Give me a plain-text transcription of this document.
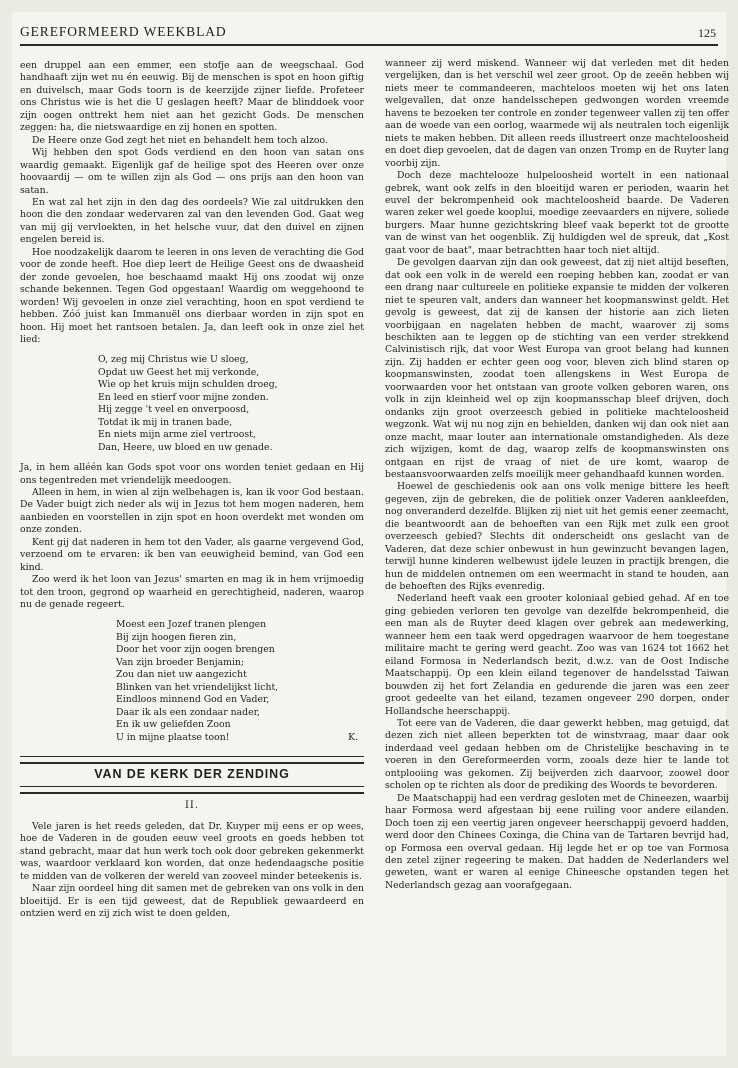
GEREFORMEERD WEEKBLAD	125

een druppel aan een emmer, een stofje aan de weegschaal. God handhaaft zijn wet nu én eeuwig. Bij de menschen is spot en hoon giftig en duivelsch, maar Gods toorn is de keerzijde zijner liefde. Profeteer ons Christus wie is het die U geslagen heeft? Maar de blinddoek voor zijn oogen onttrekt hem niet aan het gezicht Gods. De menschen zeggen: ha, die nietswaardige en zij honen en spotten.

De Heere onze God zegt het niet en behandelt hem toch alzoo.

Wij hebben den spot Gods verdiend en den hoon van satan ons waardig gemaakt. Eigenlijk gaf de heilige spot des Heeren over onze hoovaardij — om te willen zijn als God — ons prijs aan den hoon van satan.

En wat zal het zijn in den dag des oordeels? Wie zal uitdrukken den hoon die den zondaar wedervaren zal van den levenden God. Gaat weg van mij gij vervloekten, in het helsche vuur, dat den duivel en zijnen engelen bereid is.

Hoe noodzakelijk daarom te leeren in ons leven de verachting die God voor de zonde heeft. Hoe diep leert de Heilige Geest ons de dwaasheid der zonde gevoelen, hoe beschaamd maakt Hij ons zoodat wij onze schande bekennen. Tegen God opgestaan! Waardig om weggehoond te worden! Wij gevoelen in onze ziel verachting, hoon en spot verdiend te hebben. Zóó juist kan Immanuël ons dierbaar worden in zijn spot en hoon. Hij moet het rantsoen betalen. Ja, dan leeft ook in onze ziel het lied:

O, zeg mij Christus wie U sloeg,
Opdat uw Geest het mij verkonde,
Wie op het kruis mijn schulden droeg,
En leed en stierf voor mijne zonden.
Hij zegge 't veel en onverpoosd,
Totdat ik mij in tranen bade,
En niets mijn arme ziel vertroost,
Dan, Heere, uw bloed en uw genade.

Ja, in hem alléén kan Gods spot voor ons worden teniet gedaan en Hij ons tegentreden met vriendelijk meedoogen.

Alleen in hem, in wien al zijn welbehagen is, kan ik voor God bestaan. De Vader buigt zich neder als wij in Jezus tot hem mogen naderen, hem aanbieden en voorstellen in zijn spot en hoon overdekt met wonden om onze zonden.

Kent gij dat naderen in hem tot den Vader, als gaarne vergevend God, verzoend om te ervaren: ik ben van eeuwigheid bemind, van God een kind.

Zoo werd ik het loon van Jezus' smarten en mag ik in hem vrijmoedig tot den troon, gegrond op waarheid en gerechtigheid, naderen, waarop nu de genade regeert.

Moest een Jozef tranen plengen
Bij zijn hoogen fieren zin,
Door het voor zijn oogen brengen
Van zijn broeder Benjamin;
Zou dan niet uw aangezicht
Blinken van het vriendelijkst licht,
Eindloos minnend God en Vader,
Daar ik als een zondaar nader,
En ik uw geliefden Zoon
U in mijne plaatse toon!	K.
VAN DE KERK DER ZENDING
II.

Vele jaren is het reeds geleden, dat Dr. Kuyper mij eens er op wees, hoe de Vaderen in de gouden eeuw veel groots en goeds hebben tot stand gebracht, maar dat hun werk toch ook door gebreken gekenmerkt was, waardoor verklaard kon worden, dat onze hedendaagsche positie te midden van de volkeren der wereld van zooveel minder beteekenis is.

Naar zijn oordeel hing dit samen met de gebreken van ons volk in den bloeitijd. Er is een tijd geweest, dat de Republiek gewaardeerd en ontzien werd en zij zich wist te doen gelden,

wanneer zij werd miskend. Wanneer wij dat verleden met dit heden vergelijken, dan is het verschil wel zeer groot. Op de zeeën hebben wij niets meer te commandeeren, machteloos moeten wij het ons laten welgevallen, dat onze handelsschepen gedwongen worden vreemde havens te bezoeken ter controle en zonder tegenweer vallen zij ten offer aan de woede van een oorlog, waarmede wij als neutralen toch eigenlijk niets te maken hebben. Dit alleen reeds illustreert onze machteloosheid en doet diep gevoelen, dat de dagen van onzen Tromp en de Ruyter lang voorbij zijn.

Doch deze machtelooze hulpeloosheid wortelt in een nationaal gebrek, want ook zelfs in den bloeitijd waren er perioden, waarin het euvel der bekrompenheid ook machteloosheid baarde. De Vaderen waren zeker wel goede kooplui, moedige zeevaarders en nijvere, soliede burgers. Maar hunne gezichtskring bleef vaak beperkt tot de grootte van de winst van het oogenblik. Zij huldigden wel de spreuk, dat „Kost gaat voor de baat", maar betrachtten haar toch niet altijd.

De gevolgen daarvan zijn dan ook geweest, dat zij niet altijd beseften, dat ook een volk in de wereld een roeping hebben kan, zoodat er van een drang naar cultureele en politieke expansie te midden der volkeren niet te speuren valt, anders dan wanneer het koopmanswinst geldt. Het gevolg is geweest, dat zij de kansen der historie aan zich lieten voorbijgaan en nagelaten hebben de macht, waarover zij soms beschikten aan te leggen op de stichting van een verder strekkend Calvinistisch rijk, dat voor West Europa van groot belang had kunnen zijn. Zij hadden er echter geen oog voor, bleven zich blind staren op koopmanswinsten, zoodat toen allengskens in West Europa de voorwaarden voor het ontstaan van groote volken geboren waren, ons volk in zijn kleinheid wel op zijn koopmansschap bleef drijven, doch ondanks zijn groot overzeesch gebied in politieke machteloosheid wegzonk. Wat wij nu nog zijn en behielden, danken wij dan ook niet aan onze macht, maar louter aan internationale omstandigheden. Als deze zich wijzigen, komt de dag, waarop zelfs de koopmanswinsten ons ontgaan en rijst de vraag of niet de ure komt, waarop de bestaansvoorwaarden zelfs moeilijk meer gehandhaafd kunnen worden.

Hoewel de geschiedenis ook aan ons volk menige bittere les heeft gegeven, zijn de gebreken, die de politiek onzer Vaderen aankleefden, nog onveranderd dezelfde. Blijken zij niet uit het gemis eener zeemacht, die beantwoordt aan de behoeften van een Rijk met zulk een groot overzeesch gebied? Slechts dit onderscheidt ons geslacht van de Vaderen, dat deze schier onbewust in hun gewinzucht bevangen lagen, terwijl hunne kinderen welbewust ijdele leuzen in practijk brengen, die hun de middelen ontnemen om een weermacht in stand te houden, aan de behoeften des Rijks evenredig.

Nederland heeft vaak een grooter koloniaal gebied gehad. Af en toe ging gebieden verloren ten gevolge van dezelfde bekrompenheid, die een man als de Ruyter deed klagen over gebrek aan medewerking, wanneer hem een taak werd opgedragen waarvoor de hem toegestane militaire macht te gering werd geacht. Zoo was van 1624 tot 1662 het eiland Formosa in Nederlandsch bezit, d.w.z. van de Oost Indische Maatschappij. Op een klein eiland tegenover de handelsstad Taiwan bouwden zij het fort Zelandia en gedurende die jaren was een zeer groot gedeelte van het eiland, tezamen ongeveer 290 dorpen, onder Hollandsche heerschappij.

Tot eere van de Vaderen, die daar gewerkt hebben, mag getuigd, dat dezen zich niet alleen beperkten tot de winstvraag, maar daar ook inderdaad veel gedaan hebben om de Christelijke beschaving in te voeren in den Gereformeerden vorm, zooals deze hier te lande tot ontplooiing was gekomen. Zij beijverden zich daarvoor, zoowel door scholen op te richten als door de prediking des Woords te bevorderen.

De Maatschappij had een verdrag gesloten met de Chineezen, waarbij haar Formosa werd afgestaan bij eene ruiling voor andere eilanden. Doch toen zij een veertig jaren ongeveer heerschappij gevoerd hadden, werd door den Chinees Coxinga, die China van de Tartaren bevrijd had, op Formosa een overval gedaan. Hij legde het er op toe van Formosa den zetel zijner regeering te maken. Dat hadden de Nederlanders wel geweten, want er waren al eenige Chineesche opstanden tegen het Nederlandsch gezag aan voorafgegaan.
